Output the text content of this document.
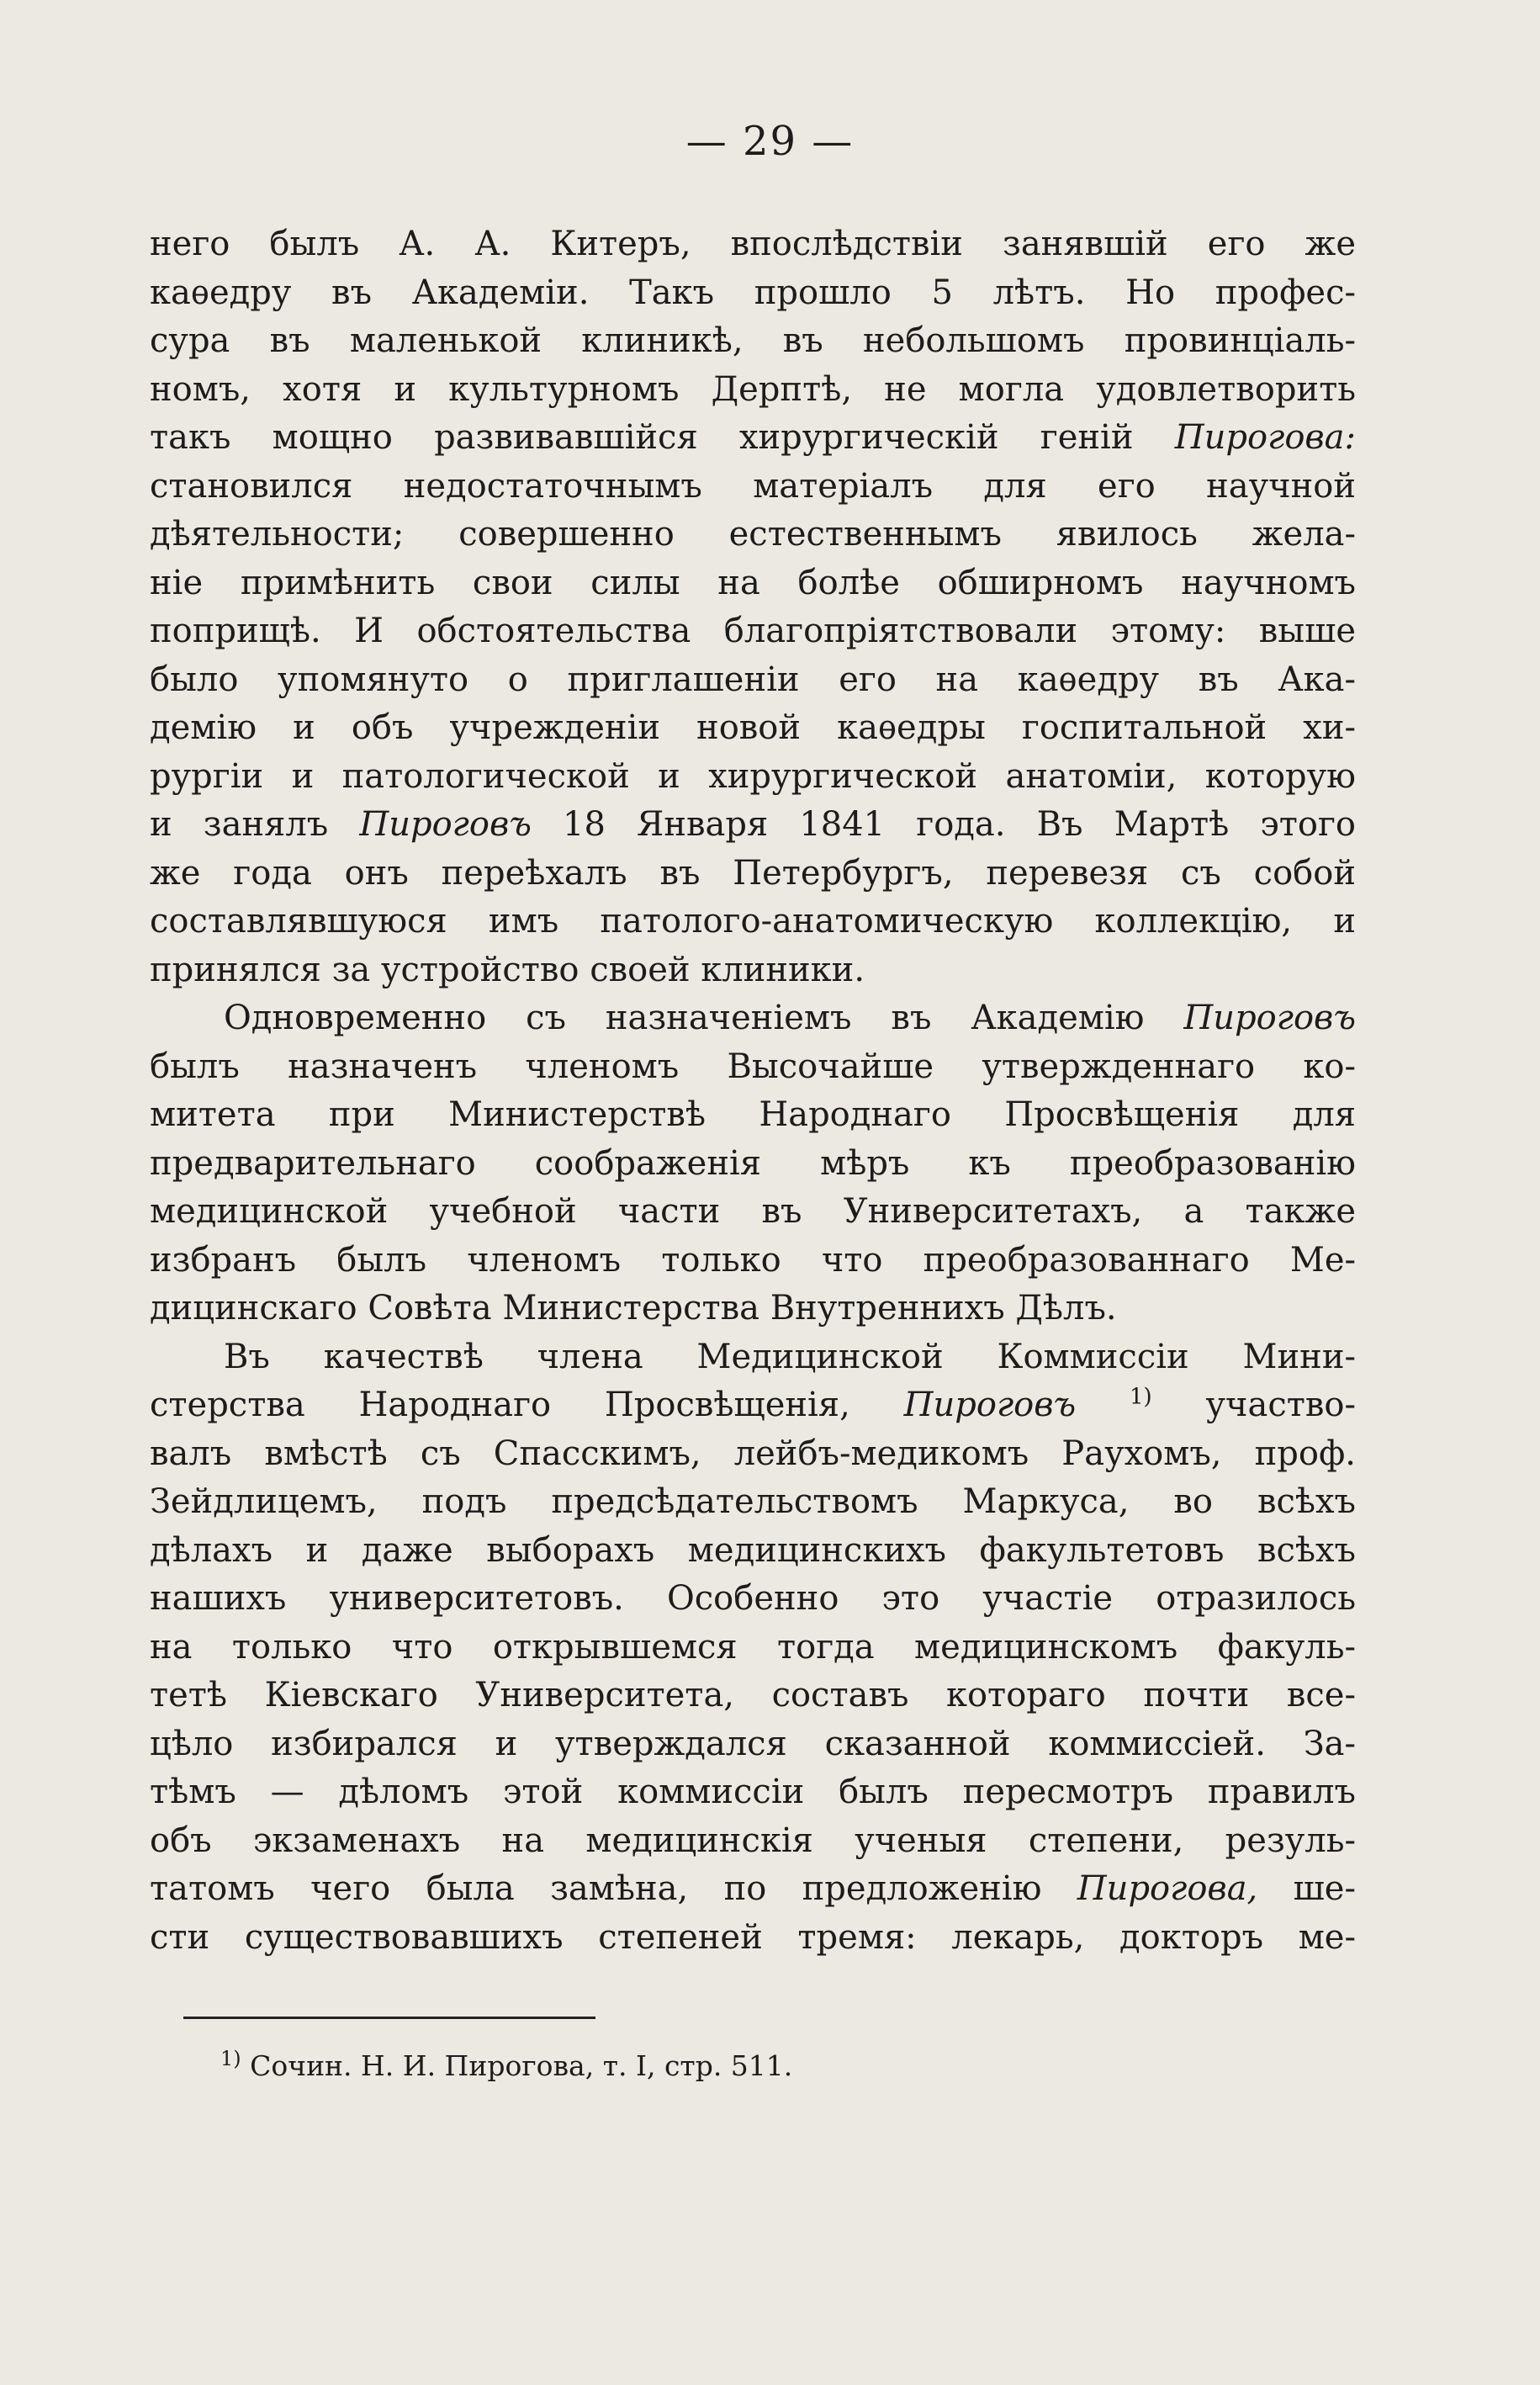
— 29 —
него былъ А. А. Китеръ, впослѣдствіи занявшій его же
каѳедру въ Академіи. Такъ прошло 5 лѣтъ. Но профес-
сура въ маленькой клиникѣ, въ небольшомъ провинціаль-
номъ, хотя и культурномъ Дерптѣ, не могла удовлетворить
такъ мощно развивавшійся хирургическій геній Пирогова:
становился недостаточнымъ матеріалъ для его научной
дѣятельности; совершенно естественнымъ явилось жела-
ніе примѣнить свои силы на болѣе обширномъ научномъ
поприщѣ. И обстоятельства благопріятствовали этому: выше
было упомянуто о приглашеніи его на каѳедру въ Ака-
демію и объ учрежденіи новой каѳедры госпитальной хи-
рургіи и патологической и хирургической анатоміи, которую
и занялъ Пироговъ 18 Января 1841 года. Въ Мартѣ этого
же года онъ переѣхалъ въ Петербургъ, перевезя съ собой
составлявшуюся имъ патолого-анатомическую коллекцію, и
принялся за устройство своей клиники.
Одновременно съ назначеніемъ въ Академію Пироговъ
былъ назначенъ членомъ Высочайше утвержденнаго ко-
митета при Министерствѣ Народнаго Просвѣщенія для
предварительнаго соображенія мѣръ къ преобразованію
медицинской учебной части въ Университетахъ, а также
избранъ былъ членомъ только что преобразованнаго Ме-
дицинскаго Совѣта Министерства Внутреннихъ Дѣлъ.
Въ качествѣ члена Медицинской Коммиссіи Мини-
стерства Народнаго Просвѣщенія, Пироговъ $^{1)}$ участво-
валъ вмѣстѣ съ Спасскимъ, лейбъ-медикомъ Раухомъ, проф.
Зейдлицемъ, подъ предсѣдательствомъ Маркуса, во всѣхъ
дѣлахъ и даже выборахъ медицинскихъ факультетовъ всѣхъ
нашихъ университетовъ. Особенно это участіе отразилось
на только что открывшемся тогда медицинскомъ факуль-
тетѣ Кіевскаго Университета, составъ котораго почти все-
цѣло избирался и утверждался сказанной коммиссіей. За-
тѣмъ — дѣломъ этой коммиссіи былъ пересмотръ правилъ
объ экзаменахъ на медицинскія ученыя степени, резуль-
татомъ чего была замѣна, по предложенію Пирогова, ше-
сти существовавшихъ степеней тремя: лекарь, докторъ ме-
$^{1)}$ Сочин. Н. И. Пирогова, т. I, стр. 511.
